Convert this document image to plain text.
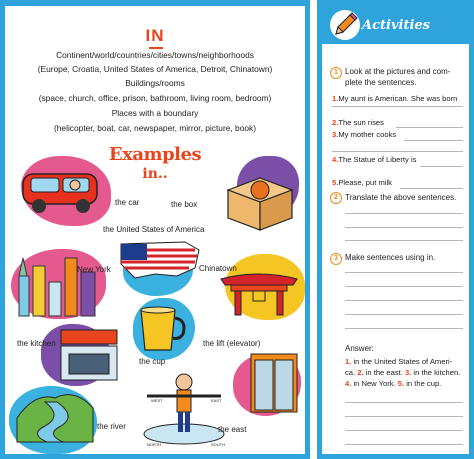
IN
Continent/world/countries/cities/towns/neighborhoods
(Europe, Croatia, United States of America, Detroit, Chinatown)
Buildings/rooms
(space, church, office, prison, bathroom, living room, bedroom)
Places with a boundary
(helicopter, boat, car, newspaper, mirror, picture, book)
Examples
in..
the car	the box
the United States of America
New York	Chinatown
the kitchen
the cup
the lift (elevator)
the river
WEST	EAST
NORTH	SOUTH
the east
Activities
1 Look at the pictures and com-
plete the sentences.
1.My aunt is American. She was born
2.The sun rises
3.My mother cooks
4.The Statue of Liberty is
5.Please, put milk
2 Translate the above sentences.
3 Make sentences using in.
Answer:
1. in the United States of Ameri-
ca. 2. in the east. 3. in the kitchen.
4. in New York. 5. in the cup.
